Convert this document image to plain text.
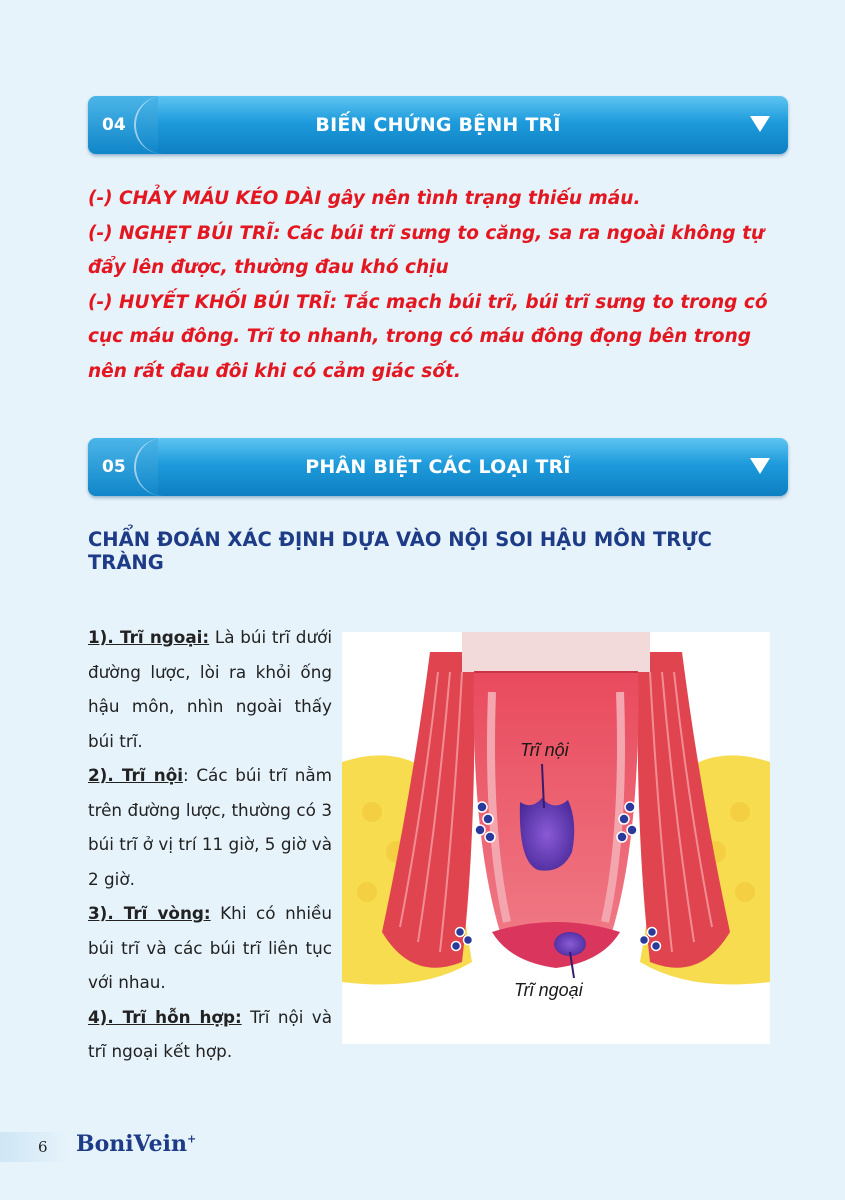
04	BIẾN CHỨNG BỆNH TRĨ

(-) CHẢY MÁU KÉO DÀI gây nên tình trạng thiếu máu.

(-) NGHẸT BÚI TRĨ: Các búi trĩ sưng to căng, sa ra ngoài không tự đẩy lên được, thường đau khó chịu

(-) HUYẾT KHỐI BÚI TRĨ: Tắc mạch búi trĩ, búi trĩ sưng to trong có cục máu đông. Trĩ to nhanh, trong có máu đông đọng bên trong nên rất đau đôi khi có cảm giác sốt.

05	PHÂN BIỆT CÁC LOẠI TRĨ
CHẨN ĐOÁN XÁC ĐỊNH DỰA VÀO NỘI SOI HẬU MÔN TRỰC TRÀNG

1). Trĩ ngoại: Là búi trĩ dưới đường lược, lòi ra khỏi ống hậu môn, nhìn ngoài thấy búi trĩ.

2). Trĩ nội: Các búi trĩ nằm trên đường lược, thường có 3 búi trĩ ở vị trí 11 giờ, 5 giờ và 2 giờ.

3). Trĩ vòng: Khi có nhiều búi trĩ và các búi trĩ liên tục với nhau.

4). Trĩ hỗn hợp: Trĩ nội và trĩ ngoại kết hợp.

Trĩ nội
Trĩ ngoại
6 BoniVein+
